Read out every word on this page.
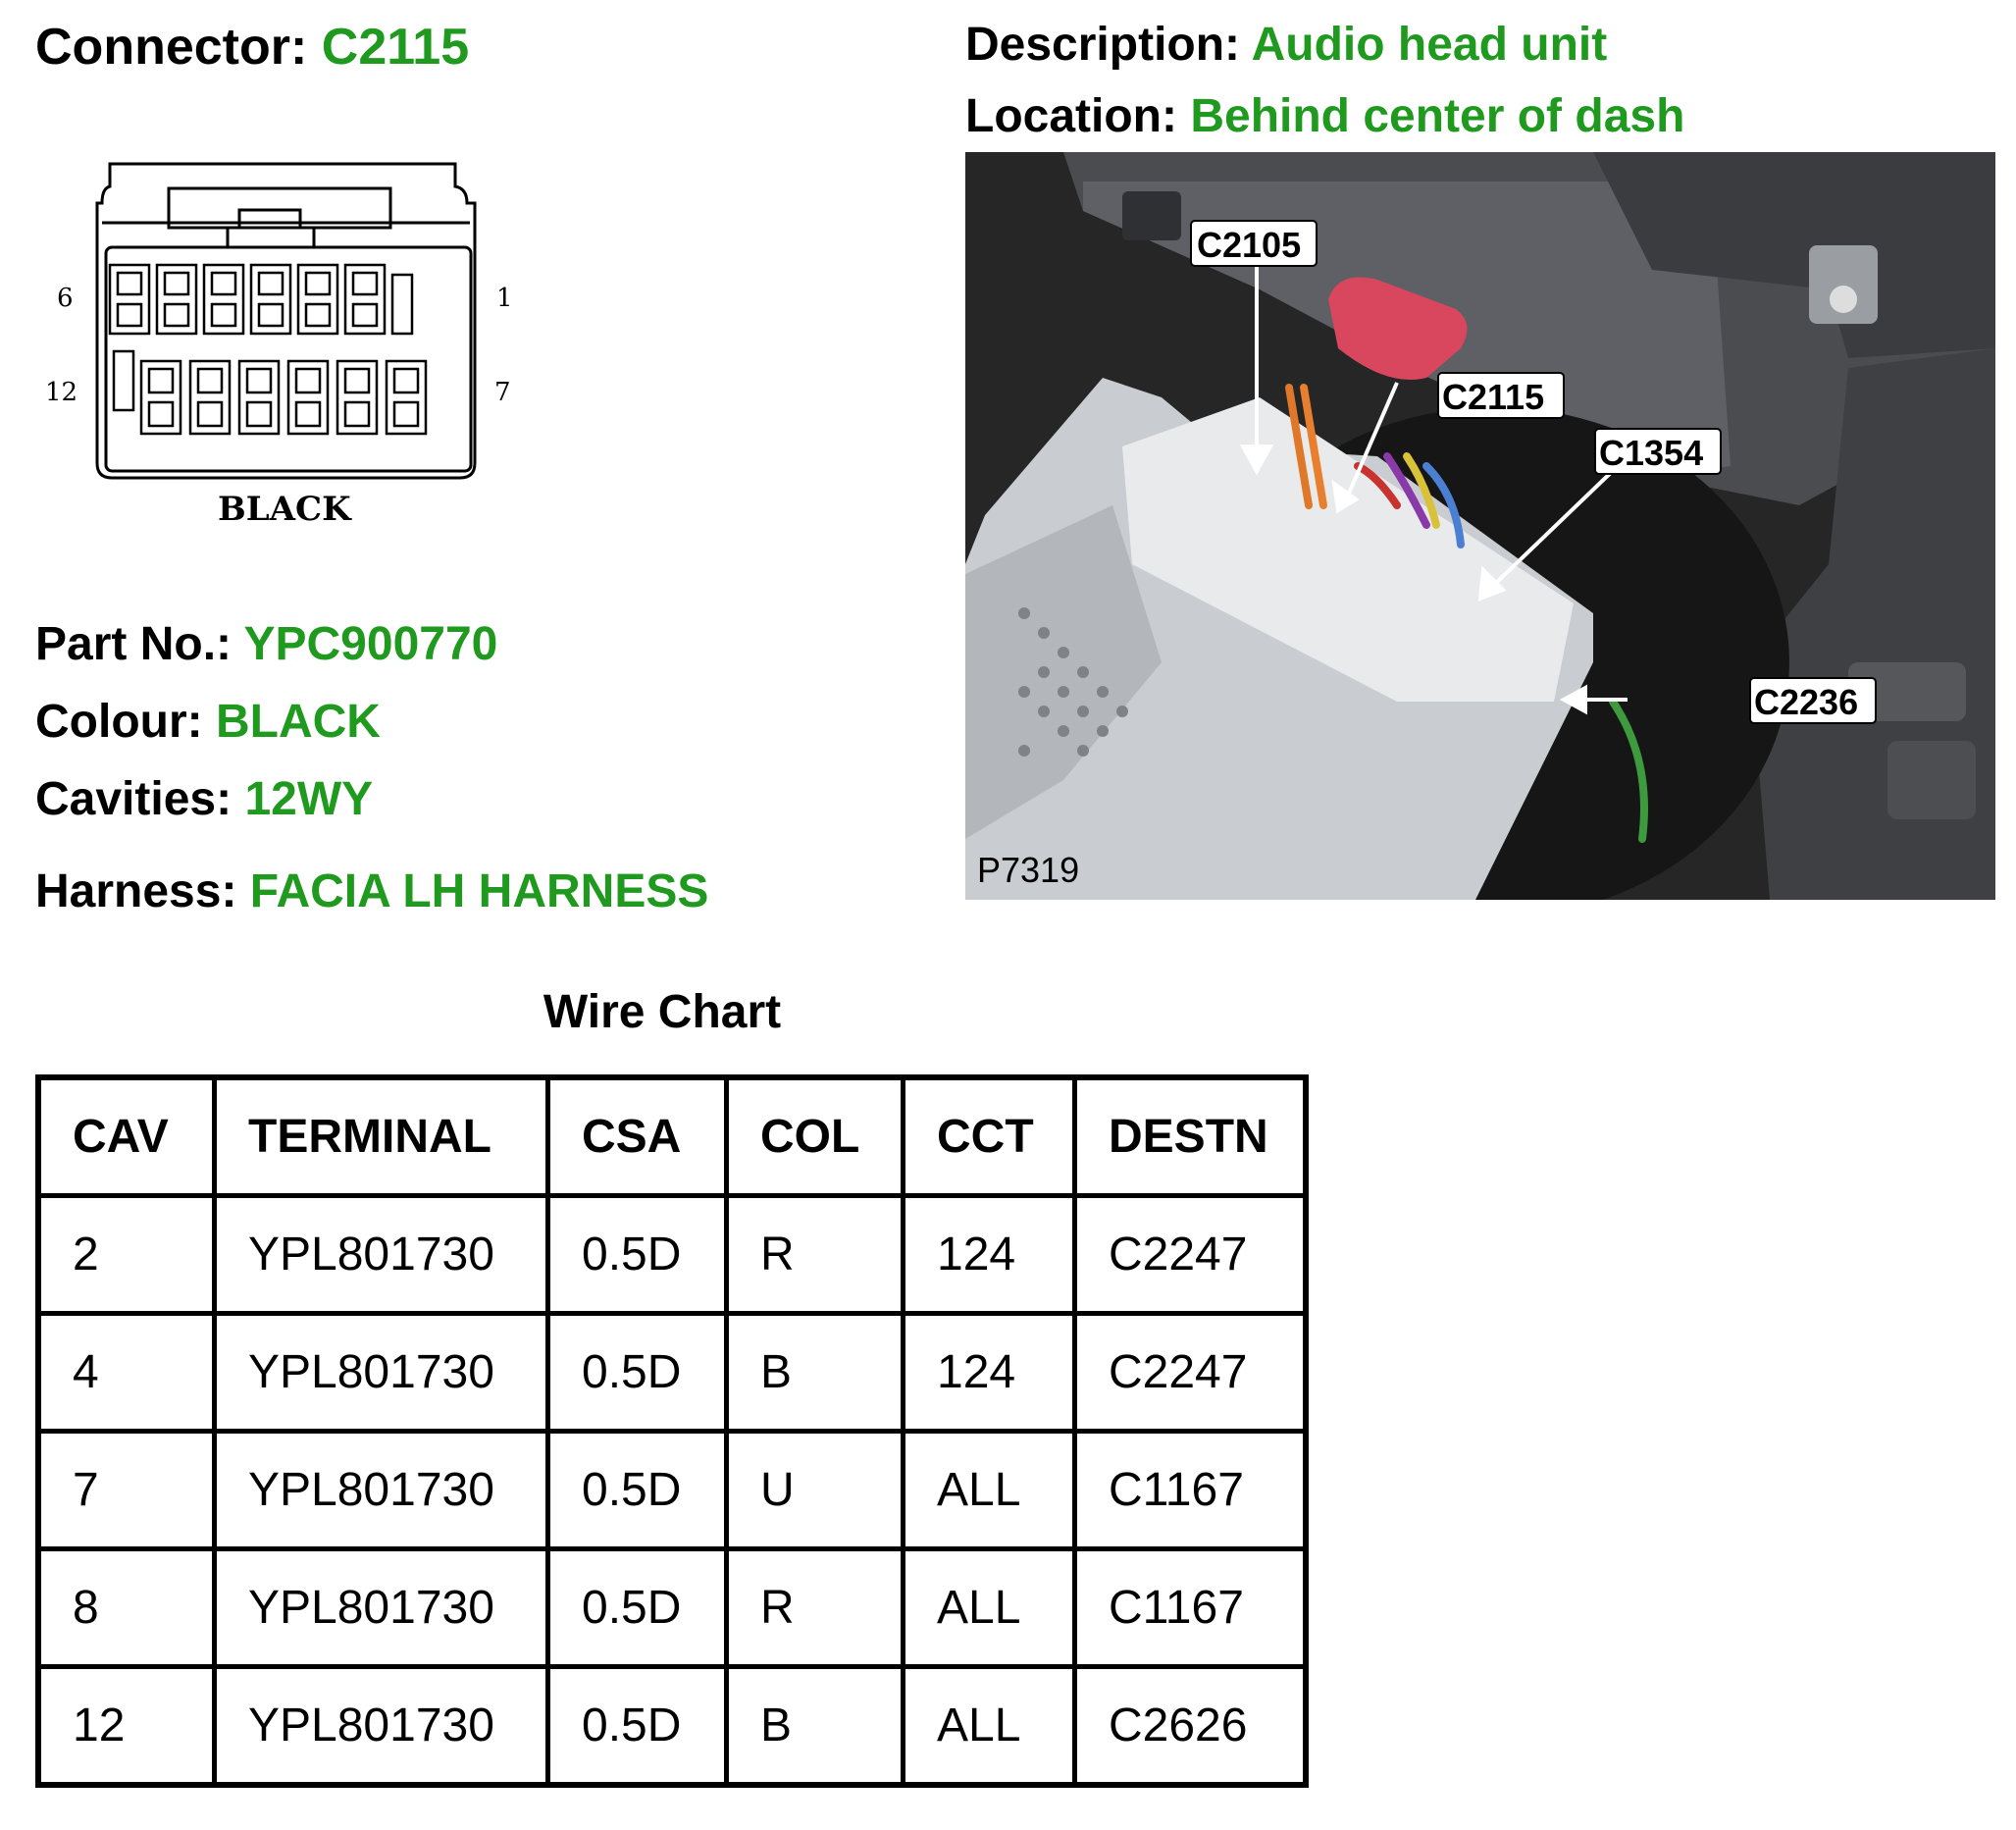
Connector: C2115	Description: Audio head unit
Location: Behind center of dash
6	1
12	7
BLACK
C2105
C2115
C1354
C2236
P7319
Part No.: YPC900770
Colour: BLACK
Cavities: 12WY
Harness: FACIA LH HARNESS
Wire Chart
CAV	TERMINAL	CSA	COL	CCT	DESTN
2	YPL801730	0.5D	R	124	C2247
4	YPL801730	0.5D	B	124	C2247
7	YPL801730	0.5D	U	ALL	C1167
8	YPL801730	0.5D	R	ALL	C1167
12	YPL801730	0.5D	B	ALL	C2626
